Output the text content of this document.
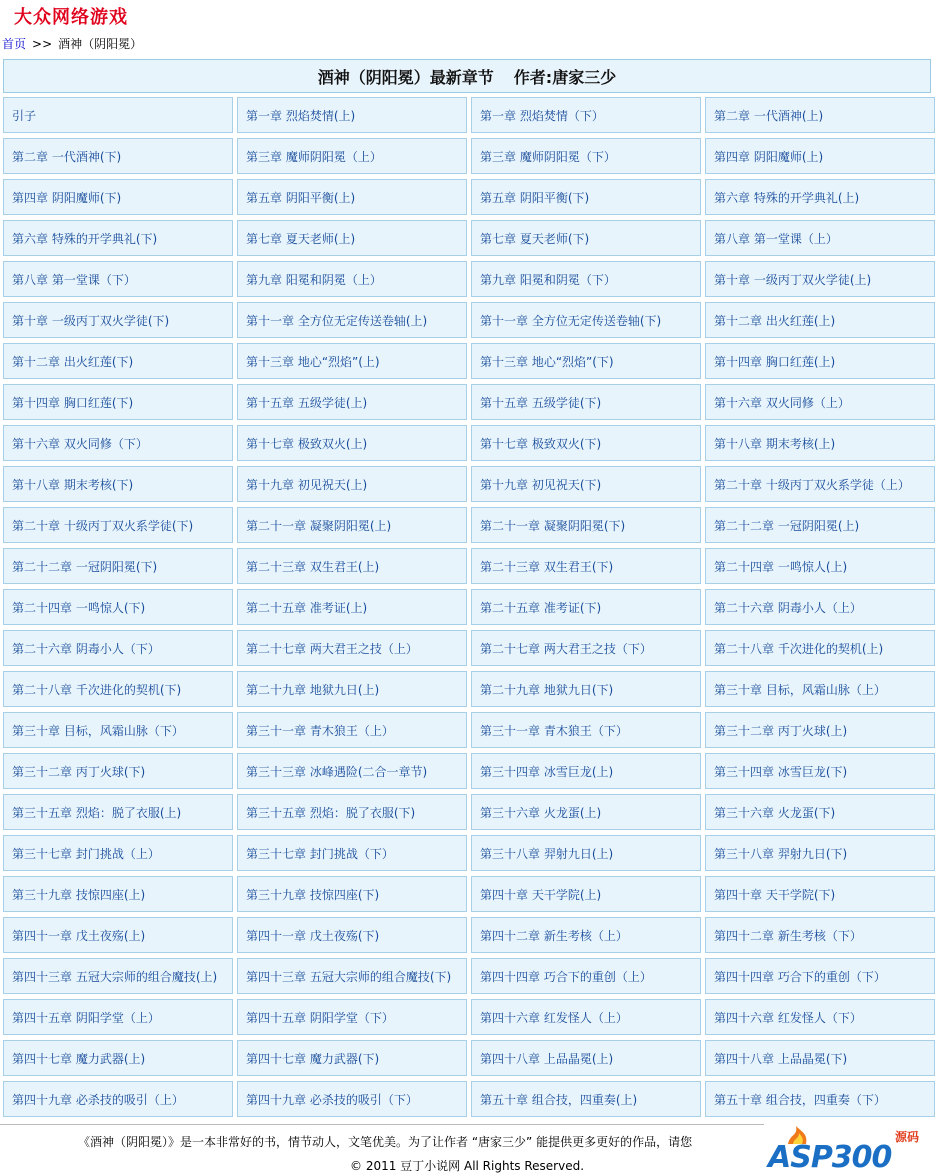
大众网络游戏
首页 >> 酒神（阴阳冕）
酒神（阴阳冕）最新章节 作者:唐家三少
引子	第一章 烈焰焚情(上)	第一章 烈焰焚情（下）	第二章 一代酒神(上)
第二章 一代酒神(下)	第三章 魔师阴阳冕（上）	第三章 魔师阴阳冕（下）	第四章 阴阳魔师(上)
第四章 阴阳魔师(下)	第五章 阴阳平衡(上)	第五章 阴阳平衡(下)	第六章 特殊的开学典礼(上)
第六章 特殊的开学典礼(下)	第七章 夏天老师(上)	第七章 夏天老师(下)	第八章 第一堂课（上）
第八章 第一堂课（下）	第九章 阳冕和阴冕（上）	第九章 阳冕和阴冕（下）	第十章 一级丙丁双火学徒(上)
第十章 一级丙丁双火学徒(下)	第十一章 全方位无定传送卷轴(上)	第十一章 全方位无定传送卷轴(下)	第十二章 出火红莲(上)
第十二章 出火红莲(下)	第十三章 地心“烈焰”(上)	第十三章 地心“烈焰”(下)	第十四章 胸口红莲(上)
第十四章 胸口红莲(下)	第十五章 五级学徒(上)	第十五章 五级学徒(下)	第十六章 双火同修（上）
第十六章 双火同修（下）	第十七章 极致双火(上)	第十七章 极致双火(下)	第十八章 期末考核(上)
第十八章 期末考核(下)	第十九章 初见祝天(上)	第十九章 初见祝天(下)	第二十章 十级丙丁双火系学徒（上）
第二十章 十级丙丁双火系学徒(下)	第二十一章 凝聚阴阳冕(上)	第二十一章 凝聚阴阳冕(下)	第二十二章 一冠阴阳冕(上)
第二十二章 一冠阴阳冕(下)	第二十三章 双生君王(上)	第二十三章 双生君王(下)	第二十四章 一鸣惊人(上)
第二十四章 一鸣惊人(下)	第二十五章 准考证(上)	第二十五章 准考证(下)	第二十六章 阴毒小人（上）
第二十六章 阴毒小人（下）	第二十七章 两大君王之技（上）	第二十七章 两大君王之技（下）	第二十八章 千次进化的契机(上)
第二十八章 千次进化的契机(下)	第二十九章 地狱九日(上)	第二十九章 地狱九日(下)	第三十章 目标，风霜山脉（上）
第三十章 目标，风霜山脉（下）	第三十一章 青木狼王（上）	第三十一章 青木狼王（下）	第三十二章 丙丁火球(上)
第三十二章 丙丁火球(下)	第三十三章 冰峰遇险(二合一章节)	第三十四章 冰雪巨龙(上)	第三十四章 冰雪巨龙(下)
第三十五章 烈焰：脱了衣服(上)	第三十五章 烈焰：脱了衣服(下)	第三十六章 火龙蛋(上)	第三十六章 火龙蛋(下)
第三十七章 封门挑战（上）	第三十七章 封门挑战（下）	第三十八章 羿射九日(上)	第三十八章 羿射九日(下)
第三十九章 技惊四座(上)	第三十九章 技惊四座(下)	第四十章 天干学院(上)	第四十章 天干学院(下)
第四十一章 戊土夜殇(上)	第四十一章 戊土夜殇(下)	第四十二章 新生考核（上）	第四十二章 新生考核（下）
第四十三章 五冠大宗师的组合魔技(上)	第四十三章 五冠大宗师的组合魔技(下)	第四十四章 巧合下的重创（上）	第四十四章 巧合下的重创（下）
第四十五章 阴阳学堂（上）	第四十五章 阴阳学堂（下）	第四十六章 红发怪人（上）	第四十六章 红发怪人（下）
第四十七章 魔力武器(上)	第四十七章 魔力武器(下)	第四十八章 上品晶冕(上)	第四十八章 上品晶冕(下)
第四十九章 必杀技的吸引（上）	第四十九章 必杀技的吸引（下）	第五十章 组合技，四重奏(上)	第五十章 组合技，四重奏（下）
《酒神（阴阳冕）》是一本非常好的书，情节动人，文笔优美。为了让作者 “唐家三少” 能提供更多更好的作品，请您
© 2011 豆丁小说网 All Rights Reserved.	ASP300
源码
